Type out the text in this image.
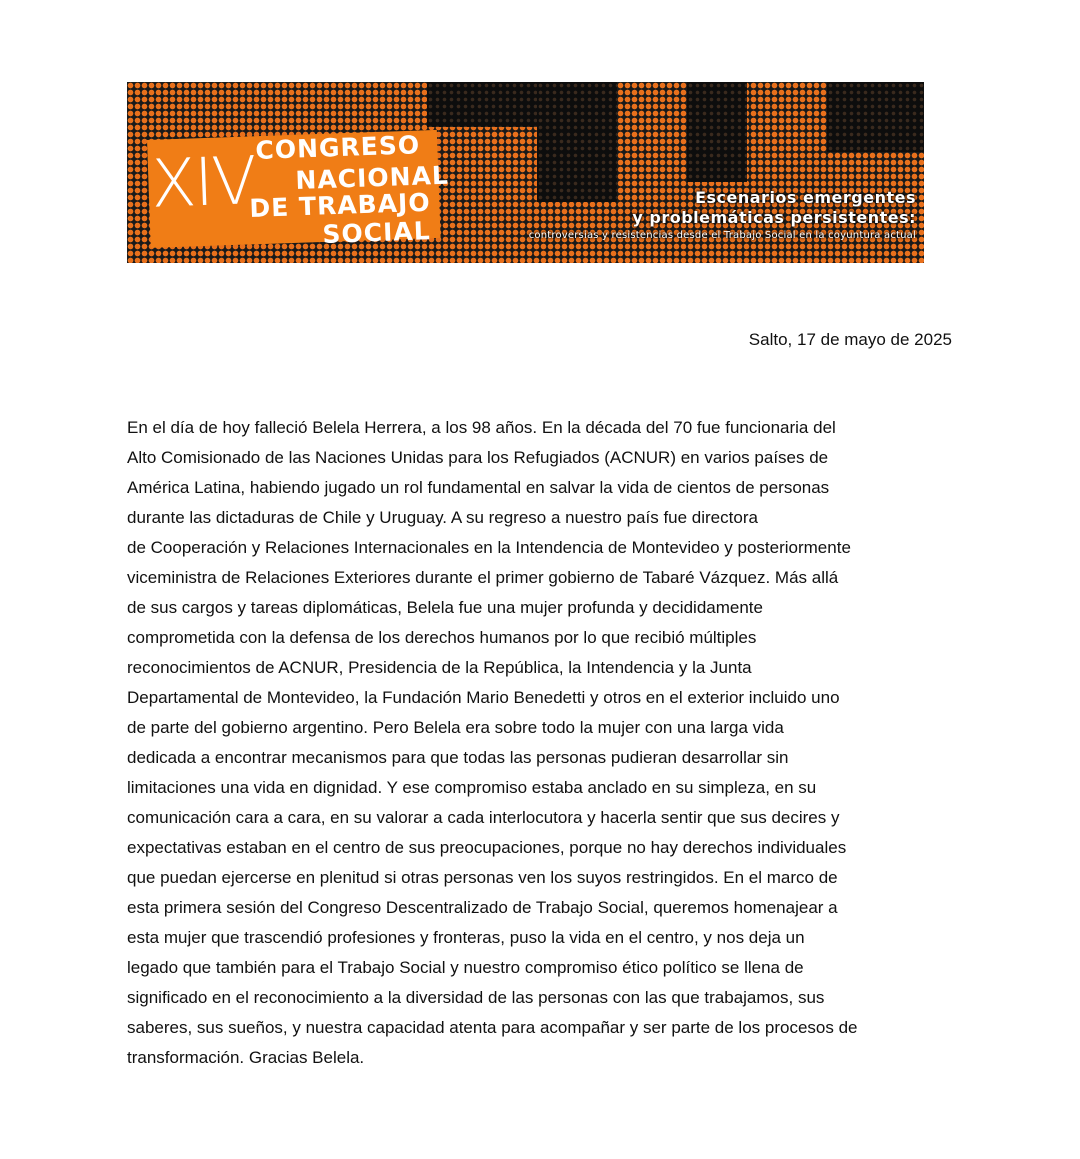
XIV
CONGRESO
NACIONAL
DE TRABAJO
SOCIAL
Escenarios emergentes
y problemáticas persistentes:
controversias y resistencias desde el Trabajo Social en la coyuntura actual
Salto, 17 de mayo de 2025
En el día de hoy falleció Belela Herrera, a los 98 años. En la década del 70 fue funcionaria del
Alto Comisionado de las Naciones Unidas para los Refugiados (ACNUR) en varios países de
América Latina, habiendo jugado un rol fundamental en salvar la vida de cientos de personas
durante las dictaduras de Chile y Uruguay. A su regreso a nuestro país fue directora
de Cooperación y Relaciones Internacionales en la Intendencia de Montevideo y posteriormente
viceministra de Relaciones Exteriores durante el primer gobierno de Tabaré Vázquez. Más allá
de sus cargos y tareas diplomáticas, Belela fue una mujer profunda y decididamente
comprometida con la defensa de los derechos humanos por lo que recibió múltiples
reconocimientos de ACNUR, Presidencia de la República, la Intendencia y la Junta
Departamental de Montevideo, la Fundación Mario Benedetti y otros en el exterior incluido uno
de parte del gobierno argentino. Pero Belela era sobre todo la mujer con una larga vida
dedicada a encontrar mecanismos para que todas las personas pudieran desarrollar sin
limitaciones una vida en dignidad. Y ese compromiso estaba anclado en su simpleza, en su
comunicación cara a cara, en su valorar a cada interlocutora y hacerla sentir que sus decires y
expectativas estaban en el centro de sus preocupaciones, porque no hay derechos individuales
que puedan ejercerse en plenitud si otras personas ven los suyos restringidos. En el marco de
esta primera sesión del Congreso Descentralizado de Trabajo Social, queremos homenajear a
esta mujer que trascendió profesiones y fronteras, puso la vida en el centro, y nos deja un
legado que también para el Trabajo Social y nuestro compromiso ético político se llena de
significado en el reconocimiento a la diversidad de las personas con las que trabajamos, sus
saberes, sus sueños, y nuestra capacidad atenta para acompañar y ser parte de los procesos de
transformación. Gracias Belela.
